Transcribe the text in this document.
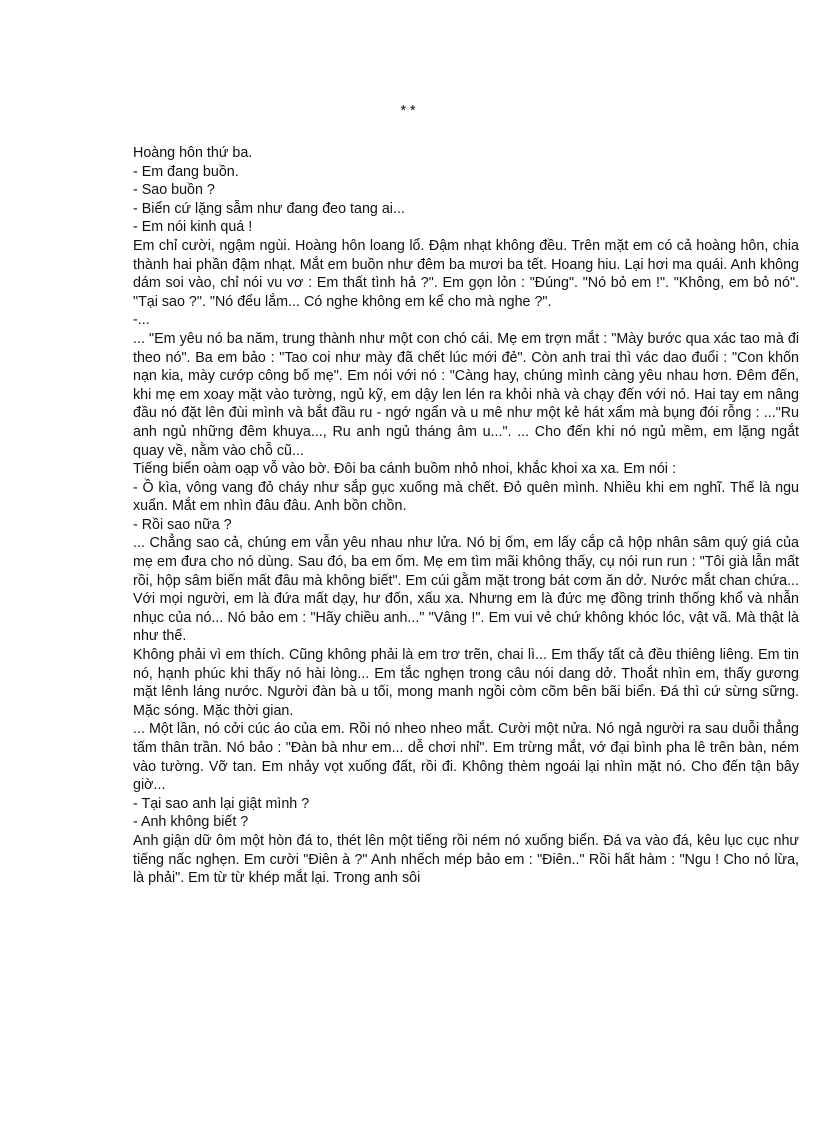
* *

Hoàng hôn thứ ba.

- Em đang buồn.

- Sao buồn ?

- Biển cứ lặng sẫm như đang đeo tang ai...

- Em nói kinh quá !

Em chỉ cười, ngậm ngùi. Hoàng hôn loang lổ. Đậm nhạt không đều. Trên mặt em có cả hoàng hôn, chia thành hai phần đậm nhạt. Mắt em buồn như đêm ba mươi ba tết. Hoang hiu. Lại hơi ma quái. Anh không dám soi vào, chỉ nói vu vơ : Em thất tình hả ?". Em gọn lỏn : "Đúng". "Nó bỏ em !". "Không, em bỏ nó". "Tại sao ?". "Nó đểu lắm... Có nghe không em kể cho mà nghe ?".

-...

... "Em yêu nó ba năm, trung thành như một con chó cái. Mẹ em trợn mắt : "Mày bước qua xác tao mà đi theo nó". Ba em bảo : "Tao coi như mày đã chết lúc mới đẻ". Còn anh trai thì vác dao đuổi : "Con khốn nạn kia, mày cướp công bố mẹ". Em nói với nó : "Càng hay, chúng mình càng yêu nhau hơn. Đêm đến, khi mẹ em xoay mặt vào tường, ngủ kỹ, em dậy len lén ra khỏi nhà và chạy đến với nó. Hai tay em nâng đầu nó đặt lên đùi mình và bắt đầu ru - ngớ ngẩn và u mê như một kẻ hát xẩm mà bụng đói rỗng : ..."Ru anh ngủ những đêm khuya..., Ru anh ngủ tháng âm u...". ... Cho đến khi nó ngủ mềm, em lặng ngắt quay về, nằm vào chỗ cũ...

Tiếng biển oàm oạp vỗ vào bờ. Đôi ba cánh buồm nhỏ nhoi, khắc khoi xa xa. Em nói :

- Ồ kìa, vông vang đỏ cháy như sắp gục xuống mà chết. Đỏ quên mình. Nhiều khi em nghĩ. Thế là ngu xuẩn. Mắt em nhìn đâu đâu. Anh bồn chồn.

- Rồi sao nữa ?

... Chẳng sao cả, chúng em vẫn yêu nhau như lửa. Nó bị ốm, em lấy cắp cả hộp nhân sâm quý giá của mẹ em đưa cho nó dùng. Sau đó, ba em ốm. Mẹ em tìm mãi không thấy, cụ nói run run : "Tôi già lẫn mất rồi, hộp sâm biến mất đâu mà không biết". Em cúi gằm mặt trong bát cơm ăn dở. Nước mắt chan chứa... Với mọi người, em là đứa mất dạy, hư đốn, xấu xa. Nhưng em là đức mẹ đồng trinh thống khổ và nhẫn nhục của nó... Nó bảo em : "Hãy chiều anh..." "Vâng !". Em vui vẻ chứ không khóc lóc, vật vã. Mà thật là như thế.

Không phải vì em thích. Cũng không phải là em trơ trẽn, chai lì... Em thấy tất cả đều thiêng liêng. Em tin nó, hạnh phúc khi thấy nó hài lòng... Em tắc nghẹn trong câu nói dang dở. Thoắt nhìn em, thấy gương mặt lênh láng nước. Người đàn bà u tối, mong manh ngồi còm cõm bên bãi biển. Đá thì cứ sừng sững. Mặc sóng. Mặc thời gian.

... Một lần, nó cởi cúc áo của em. Rồi nó nheo nheo mắt. Cười một nửa. Nó ngả người ra sau duỗi thẳng tấm thân trần. Nó bảo : "Đàn bà như em... dễ chơi nhỉ". Em trừng mắt, vớ đại bình pha lê trên bàn, ném vào tường. Vỡ tan. Em nhảy vọt xuống đất, rồi đi. Không thèm ngoái lại nhìn mặt nó. Cho đến tận bây giờ...

- Tại sao anh lại giật mình ?

- Anh không biết ?

Anh giận dữ ôm một hòn đá to, thét lên một tiếng rồi ném nó xuống biển. Đá va vào đá, kêu lục cục như tiếng nấc nghẹn. Em cười "Điên à ?" Anh nhếch mép bảo em : "Điên.." Rồi hất hàm : "Ngu ! Cho nó lừa, là phải". Em từ từ khép mắt lại. Trong anh sôi
